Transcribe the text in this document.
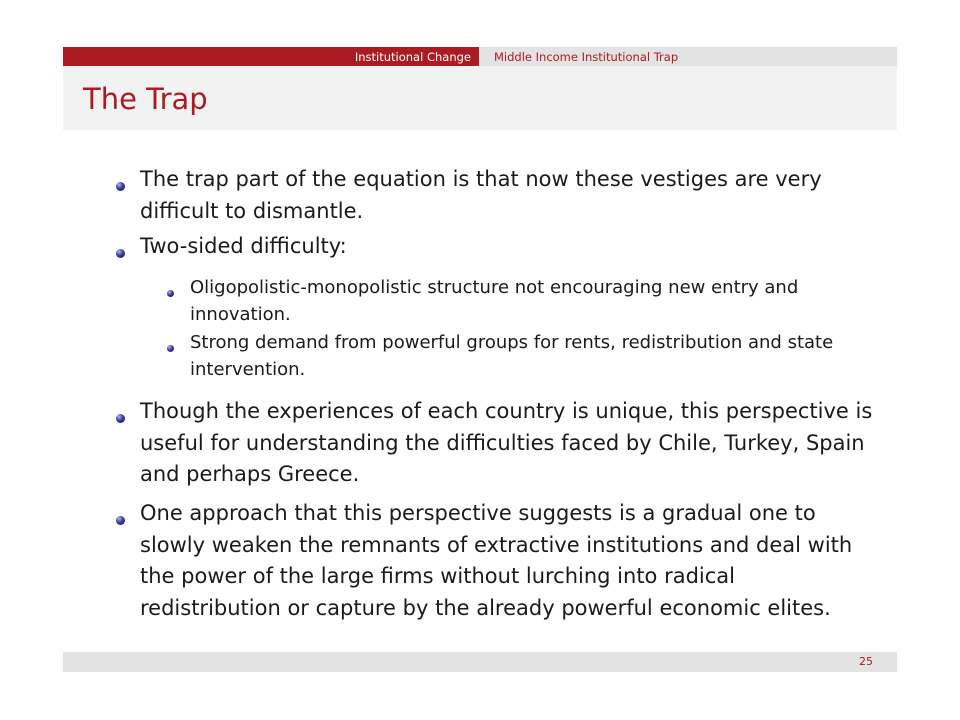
Institutional Change	Middle Income Institutional Trap
The Trap
The trap part of the equation is that now these vestiges are very difficult to dismantle.
Two-sided difficulty:
Oligopolistic-monopolistic structure not encouraging new entry and innovation.
Strong demand from powerful groups for rents, redistribution and state intervention.
Though the experiences of each country is unique, this perspective is useful for understanding the difficulties faced by Chile, Turkey, Spain and perhaps Greece.
One approach that this perspective suggests is a gradual one to slowly weaken the remnants of extractive institutions and deal with the power of the large firms without lurching into radical redistribution or capture by the already powerful economic elites.
25
